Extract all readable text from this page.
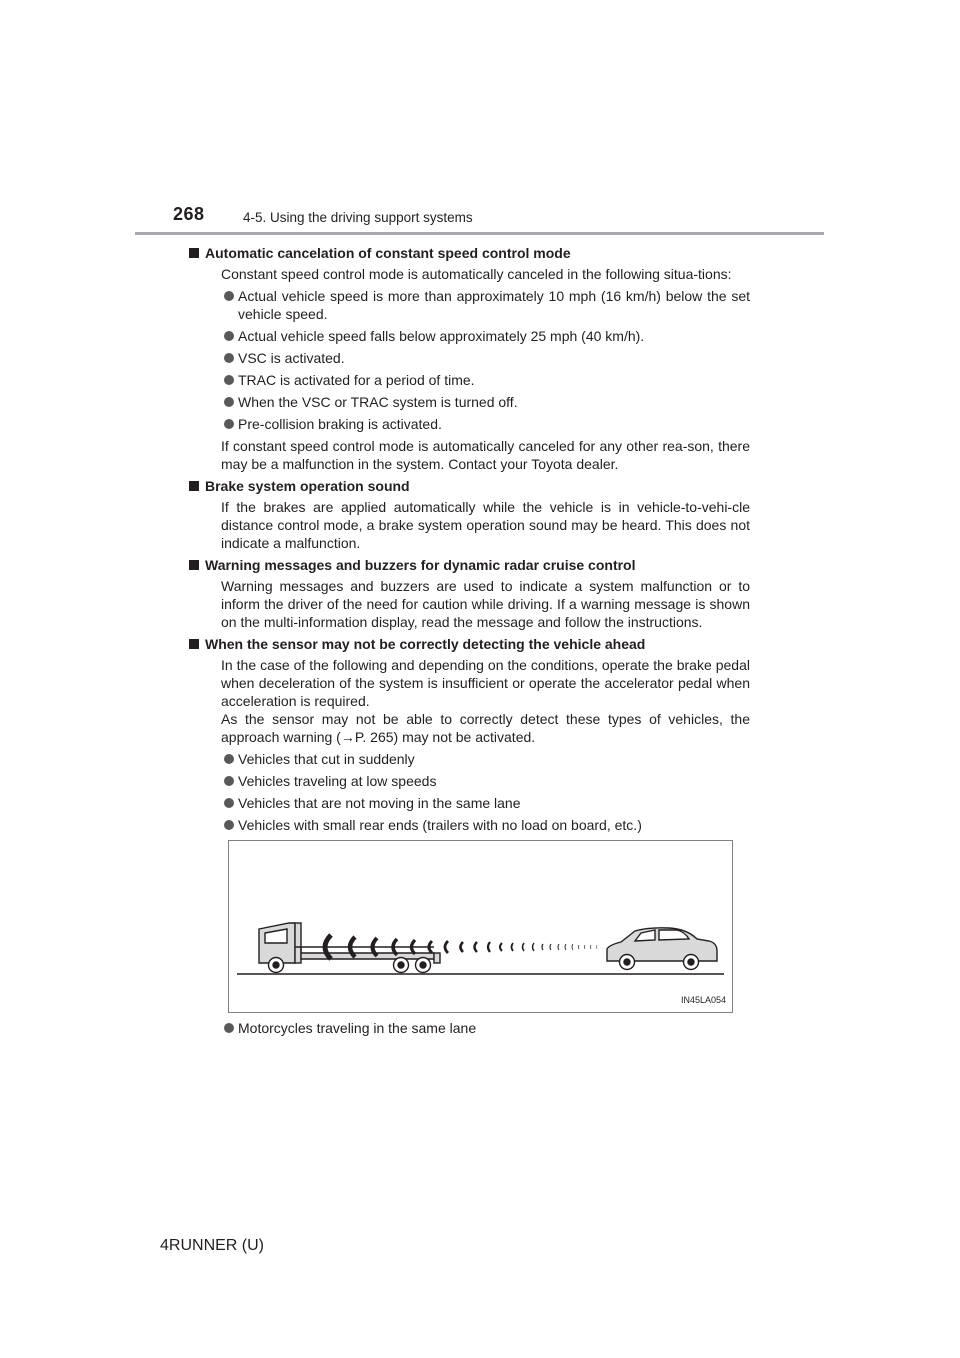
268	4-5. Using the driving support systems
Automatic cancelation of constant speed control mode

Constant speed control mode is automatically canceled in the following situa-tions:

Actual vehicle speed is more than approximately 10 mph (16 km/h) below the set vehicle speed.
Actual vehicle speed falls below approximately 25 mph (40 km/h).
VSC is activated.
TRAC is activated for a period of time.
When the VSC or TRAC system is turned off.
Pre-collision braking is activated.

If constant speed control mode is automatically canceled for any other rea-son, there may be a malfunction in the system. Contact your Toyota dealer.

Brake system operation sound

If the brakes are applied automatically while the vehicle is in vehicle-to-vehi-cle distance control mode, a brake system operation sound may be heard. This does not indicate a malfunction.

Warning messages and buzzers for dynamic radar cruise control

Warning messages and buzzers are used to indicate a system malfunction or to inform the driver of the need for caution while driving. If a warning message is shown on the multi-information display, read the message and follow the instructions.

When the sensor may not be correctly detecting the vehicle ahead

In the case of the following and depending on the conditions, operate the brake pedal when deceleration of the system is insufficient or operate the accelerator pedal when acceleration is required.

As the sensor may not be able to correctly detect these types of vehicles, the approach warning (→P. 265) may not be activated.

Vehicles that cut in suddenly
Vehicles traveling at low speeds
Vehicles that are not moving in the same lane
Vehicles with small rear ends (trailers with no load on board, etc.)
IN45LA054
Motorcycles traveling in the same lane
4RUNNER (U)
